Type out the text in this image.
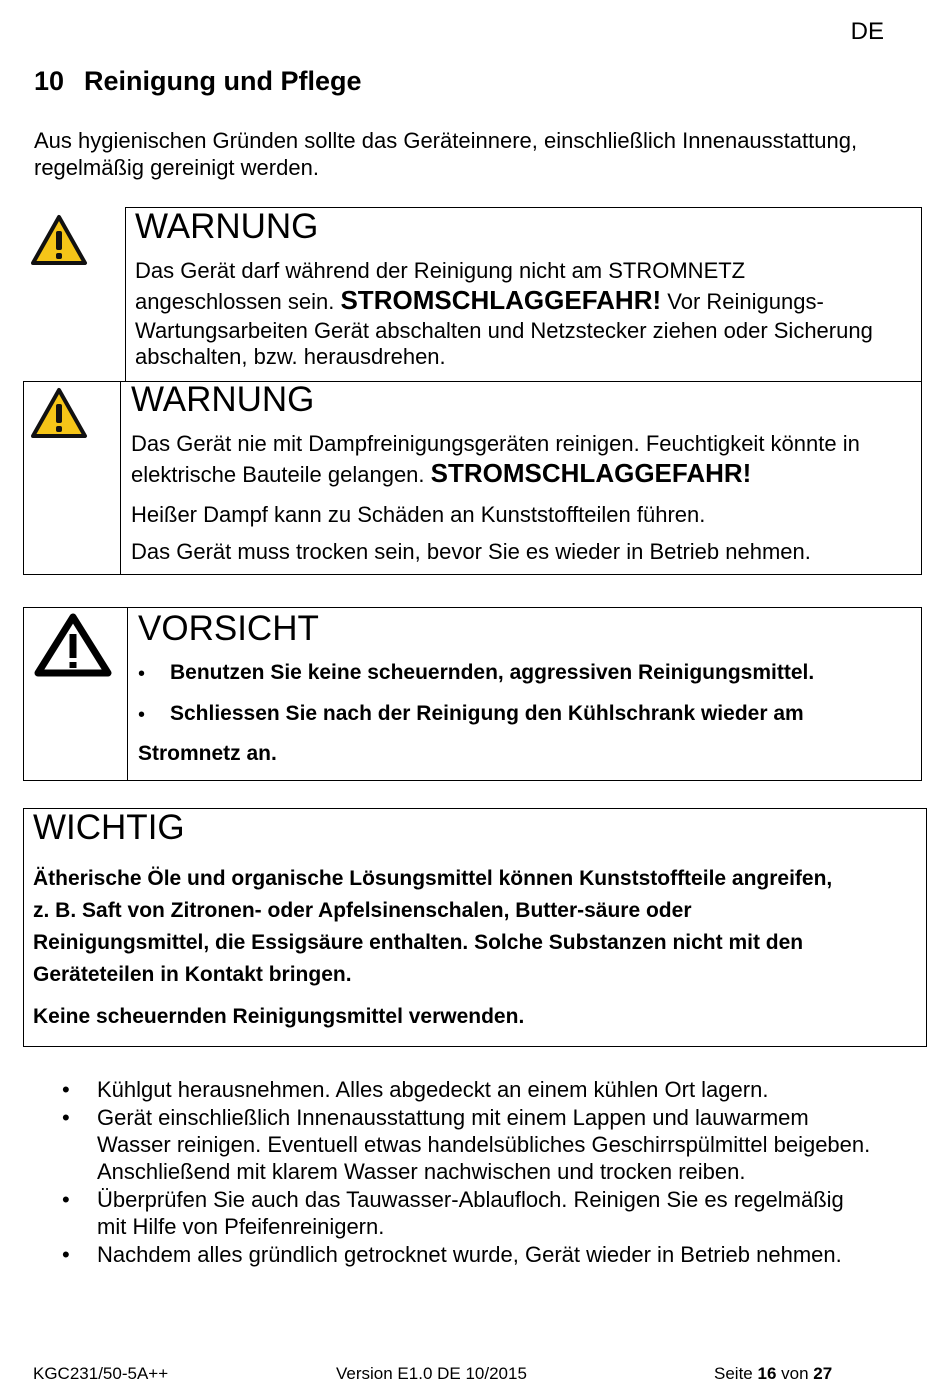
DE
10 Reinigung und Pflege
Aus hygienischen Gründen sollte das Geräteinnere, einschließlich Innenausstattung, regelmäßig gereinigt werden.
WARNUNG
Das Gerät darf während der Reinigung nicht am STROMNETZ
angeschlossen sein. STROMSCHLAGGEFAHR! Vor Reinigungs-
Wartungsarbeiten Gerät abschalten und Netzstecker ziehen oder Sicherung
abschalten, bzw. herausdrehen.
WARNUNG
Das Gerät nie mit Dampfreinigungsgeräten reinigen. Feuchtigkeit könnte in
elektrische Bauteile gelangen. STROMSCHLAGGEFAHR!
Heißer Dampf kann zu Schäden an Kunststoffteilen führen.
Das Gerät muss trocken sein, bevor Sie es wieder in Betrieb nehmen.
VORSICHT
• Benutzen Sie keine scheuernden, aggressiven Reinigungsmittel.
• Schliessen Sie nach der Reinigung den Kühlschrank wieder am
Stromnetz an.
WICHTIG
Ätherische Öle und organische Lösungsmittel können Kunststoffteile angreifen,
z. B. Saft von Zitronen- oder Apfelsinenschalen, Butter-säure oder
Reinigungsmittel, die Essigsäure enthalten. Solche Substanzen nicht mit den
Geräteteilen in Kontakt bringen.
Keine scheuernden Reinigungsmittel verwenden.
• Kühlgut herausnehmen. Alles abgedeckt an einem kühlen Ort lagern.
• Gerät einschließlich Innenausstattung mit einem Lappen und lauwarmem
Wasser reinigen. Eventuell etwas handelsübliches Geschirrspülmittel beigeben.
Anschließend mit klarem Wasser nachwischen und trocken reiben.
• Überprüfen Sie auch das Tauwasser-Ablaufloch. Reinigen Sie es regelmäßig
mit Hilfe von Pfeifenreinigern.
• Nachdem alles gründlich getrocknet wurde, Gerät wieder in Betrieb nehmen.
KGC231/50-5A++	Version E1.0 DE 10/2015	Seite 16 von 27
